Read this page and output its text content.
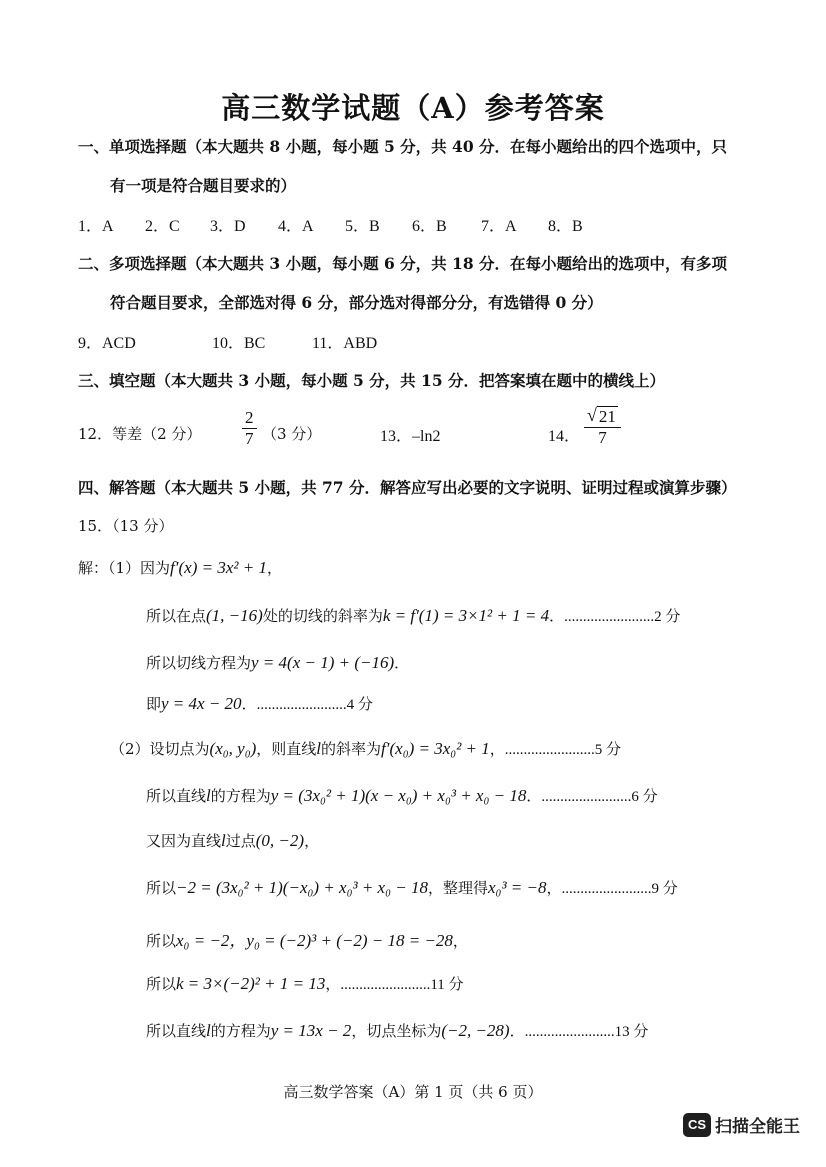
高三数学试题（A）参考答案
一、单项选择题（本大题共 8 小题，每小题 5 分，共 40 分．在每小题给出的四个选项中，只
有一项是符合题目要求的）
1．A 2．C 3．D 4．A 5．B 6．B 7．A 8．B
二、多项选择题（本大题共 3 小题，每小题 6 分，共 18 分．在每小题给出的选项中，有多项
符合题目要求，全部选对得 6 分，部分选对得部分分，有选错得 0 分）
9．ACD	10．BC	11．ABD
三、填空题（本大题共 3 小题，每小题 5 分，共 15 分．把答案填在题中的横线上）
12．等差（2 分） $\frac{2}{7} (3$ 分）	13．–ln2	14． $\frac{√ 21}{7}$
四、解答题（本大题共 5 小题，共 77 分．解答应写出必要的文字说明、证明过程或演算步骤）
15．（13 分）
解：（1）因为f′(x) = 3x² + 1，
所以在点(1, −16)处的切线的斜率为k = f′(1) = 3×1² + 1 = 4．........................2 分
所以切线方程为y = 4(x − 1) + (−16)．
即y = 4x − 20．........................4 分
（2）设切点为(x₀, y₀)，则直线l的斜率为f′(x₀) = 3x₀² + 1，........................5 分
所以直线l的方程为y = (3x₀² + 1)(x − x₀) + x₀³ + x₀ − 18．........................6 分
又因为直线l过点(0, −2)，
所以−2 = (3x₀² + 1)(−x₀) + x₀³ + x₀ − 18，整理得x₀³ = −8，........................9 分
所以x₀ = −2，y₀ = (−2)³ + (−2) − 18 = −28，
所以k = 3×(−2)² + 1 = 13，........................11 分
所以直线l的方程为y = 13x − 2，切点坐标为(−2, −28)．........................13 分
高三数学答案（A）第 1 页（共 6 页）
CS 扫描全能王
